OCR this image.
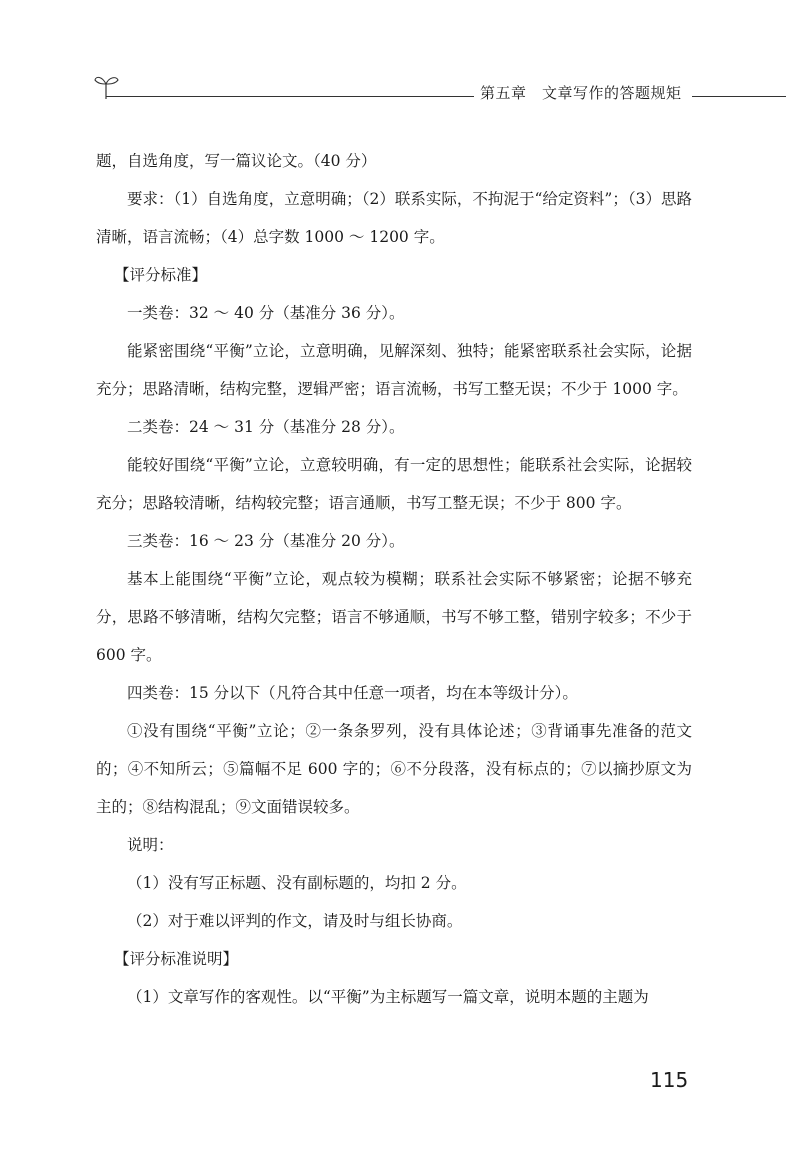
第五章　文章写作的答题规矩

题，自选角度，写一篇议论文。（40 分）

要求：（1）自选角度，立意明确；（2）联系实际，不拘泥于“给定资料”；（3）思路清晰，语言流畅；（4）总字数 1000 ～ 1200 字。

【评分标准】

一类卷：32 ～ 40 分（基准分 36 分）。

能紧密围绕“平衡”立论，立意明确，见解深刻、独特；能紧密联系社会实际，论据充分；思路清晰，结构完整，逻辑严密；语言流畅，书写工整无误；不少于 1000 字。

二类卷：24 ～ 31 分（基准分 28 分）。

能较好围绕“平衡”立论，立意较明确，有一定的思想性；能联系社会实际，论据较充分；思路较清晰，结构较完整；语言通顺，书写工整无误；不少于 800 字。

三类卷：16 ～ 23 分（基准分 20 分）。

基本上能围绕“平衡”立论，观点较为模糊；联系社会实际不够紧密；论据不够充分，思路不够清晰，结构欠完整；语言不够通顺，书写不够工整，错别字较多；不少于 600 字。

四类卷：15 分以下（凡符合其中任意一项者，均在本等级计分）。

①没有围绕“平衡”立论；②一条条罗列，没有具体论述；③背诵事先准备的范文的；④不知所云；⑤篇幅不足 600 字的；⑥不分段落，没有标点的；⑦以摘抄原文为主的；⑧结构混乱；⑨文面错误较多。

说明：

（1）没有写正标题、没有副标题的，均扣 2 分。

（2）对于难以评判的作文，请及时与组长协商。

【评分标准说明】

（1）文章写作的客观性。以“平衡”为主标题写一篇文章，说明本题的主题为

115
